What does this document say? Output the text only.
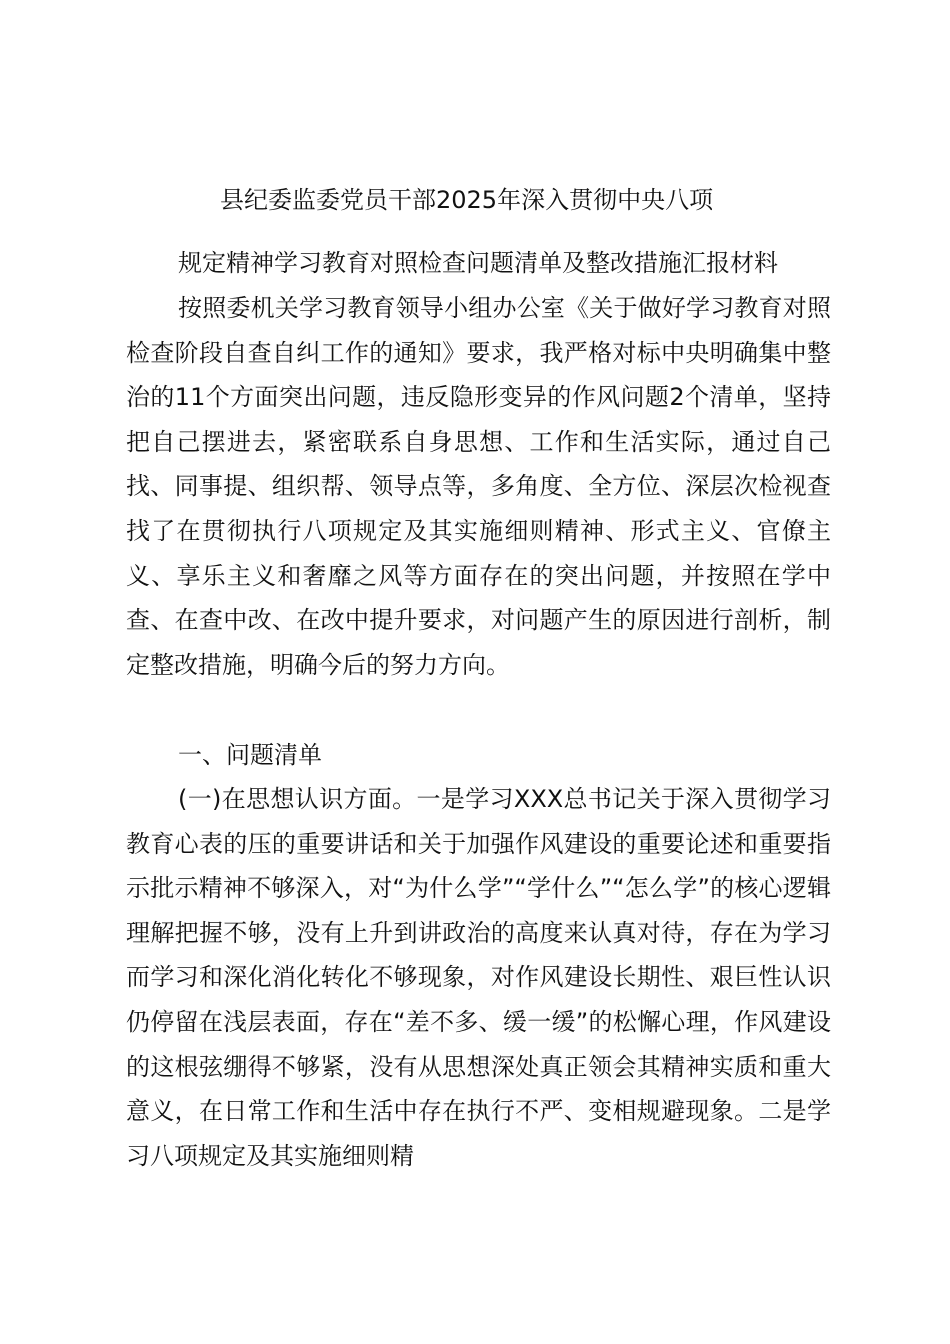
县纪委监委党员干部2025年深入贯彻中央八项
规定精神学习教育对照检查问题清单及整改措施汇报材料

按照委机关学习教育领导小组办公室《关于做好学习教育对照检查阶段自查自纠工作的通知》要求，我严格对标中央明确集中整治的11个方面突出问题，违反隐形变异的作风问题2个清单，坚持把自己摆进去，紧密联系自身思想、工作和生活实际，通过自己找、同事提、组织帮、领导点等，多角度、全方位、深层次检视查找了在贯彻执行八项规定及其实施细则精神、形式主义、官僚主义、享乐主义和奢靡之风等方面存在的突出问题，并按照在学中查、在查中改、在改中提升要求，对问题产生的原因进行剖析，制定整改措施，明确今后的努力方向。

一、问题清单

(一)在思想认识方面。一是学习XXX总书记关于深入贯彻学习教育心表的压的重要讲话和关于加强作风建设的重要论述和重要指示批示精神不够深入，对“为什么学”“学什么”“怎么学”的核心逻辑理解把握不够，没有上升到讲政治的高度来认真对待，存在为学习而学习和深化消化转化不够现象，对作风建设长期性、艰巨性认识仍停留在浅层表面，存在“差不多、缓一缓”的松懈心理，作风建设的这根弦绷得不够紧，没有从思想深处真正领会其精神实质和重大意义，在日常工作和生活中存在执行不严、变相规避现象。二是学习八项规定及其实施细则精
